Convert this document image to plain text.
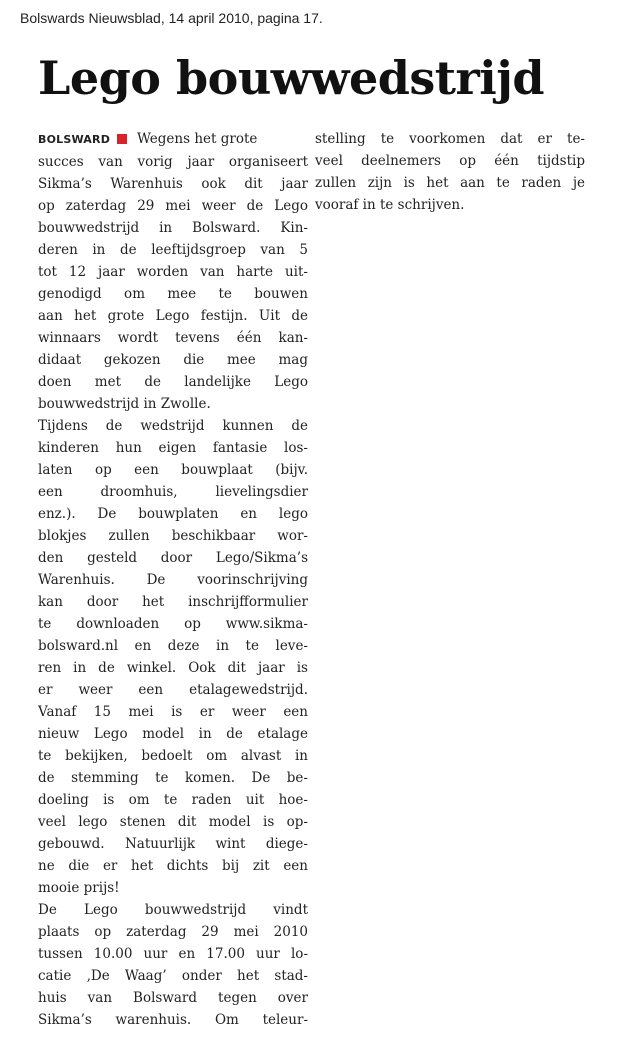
Bolswards Nieuwsblad, 14 april 2010, pagina 17.
Lego bouwwedstrijd
BOLSWARD Wegens het grote
succes van vorig jaar organiseert
Sikma’s Warenhuis ook dit jaar
op zaterdag 29 mei weer de Lego
bouwwedstrijd in Bolsward. Kin-
deren in de leeftijdsgroep van 5
tot 12 jaar worden van harte uit-
genodigd om mee te bouwen
aan het grote Lego festijn. Uit de
winnaars wordt tevens één kan-
didaat gekozen die mee mag
doen met de landelijke Lego
bouwwedstrijd in Zwolle.
Tijdens de wedstrijd kunnen de
kinderen hun eigen fantasie los-
laten op een bouwplaat (bijv.
een droomhuis, lievelingsdier
enz.). De bouwplaten en lego
blokjes zullen beschikbaar wor-
den gesteld door Lego/Sikma’s
Warenhuis. De voorinschrijving
kan door het inschrijfformulier
te downloaden op www.sikma-
bolsward.nl en deze in te leve-
ren in de winkel. Ook dit jaar is
er weer een etalagewedstrijd.
Vanaf 15 mei is er weer een
nieuw Lego model in de etalage
te bekijken, bedoelt om alvast in
de stemming te komen. De be-
doeling is om te raden uit hoe-
veel lego stenen dit model is op-
gebouwd. Natuurlijk wint diege-
ne die er het dichts bij zit een
mooie prijs!
De Lego bouwwedstrijd vindt
plaats op zaterdag 29 mei 2010
tussen 10.00 uur en 17.00 uur lo-
catie ‚De Waag’ onder het stad-
huis van Bolsward tegen over
Sikma’s warenhuis. Om teleur-
stelling te voorkomen dat er te-
veel deelnemers op één tijdstip
zullen zijn is het aan te raden je
vooraf in te schrijven.
